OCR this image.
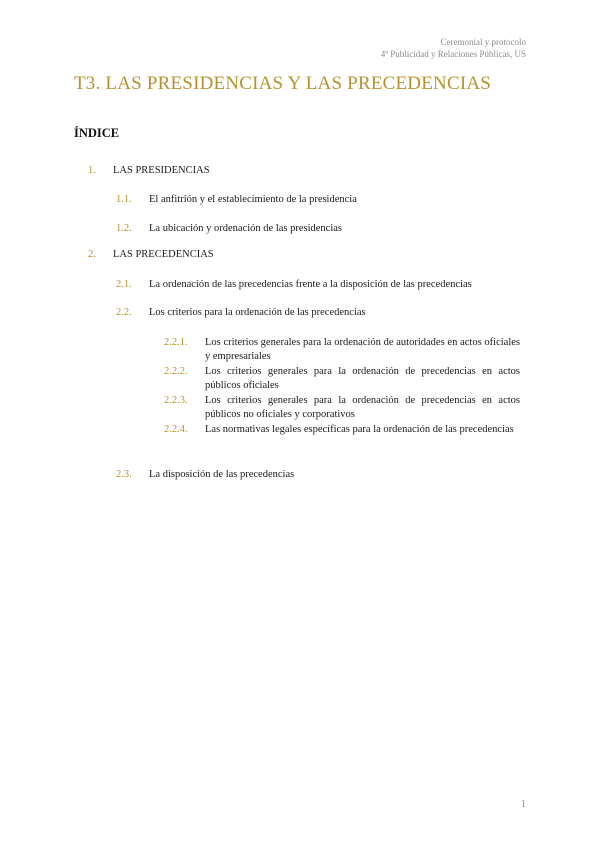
Ceremonial y protocolo
4º Publicidad y Relaciones Públicas, US
T3. LAS PRESIDENCIAS Y LAS PRECEDENCIAS
ÍNDICE
1. LAS PRESIDENCIAS
1.1. El anfitrión y el establecimiento de la presidencia
1.2. La ubicación y ordenación de las presidencias
2. LAS PRECEDENCIAS
2.1. La ordenación de las precedencias frente a la disposición de las precedencias
2.2. Los criterios para la ordenación de las precedencias
2.2.1. Los criterios generales para la ordenación de autoridades en actos oficiales y empresariales
2.2.2. Los criterios generales para la ordenación de precedencias en actos públicos oficiales
2.2.3. Los criterios generales para la ordenación de precedencias en actos públicos no oficiales y corporativos
2.2.4. Las normativas legales específicas para la ordenación de las precedencias
2.3. La disposición de las precedencias
1
